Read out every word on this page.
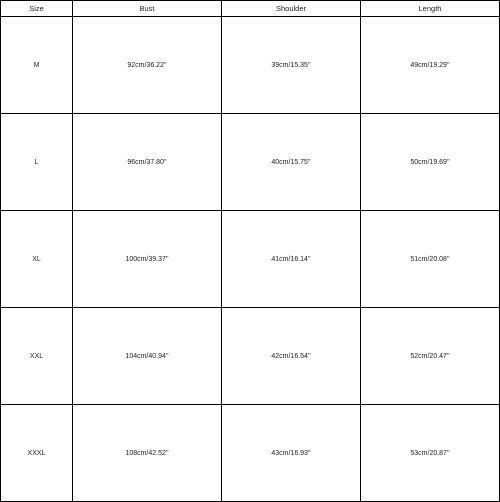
Size	Bust	Shoulder	Length
M	92cm/36.22''	39cm/15.35''	49cm/19.29''
L	96cm/37.80''	40cm/15.75''	50cm/19.69''
XL	100cm/39.37''	41cm/16.14''	51cm/20.08''
XXL	104cm/40.94''	42cm/16.54''	52cm/20.47''
XXXL	108cm/42.52''	43cm/16.93''	53cm/20.87''
